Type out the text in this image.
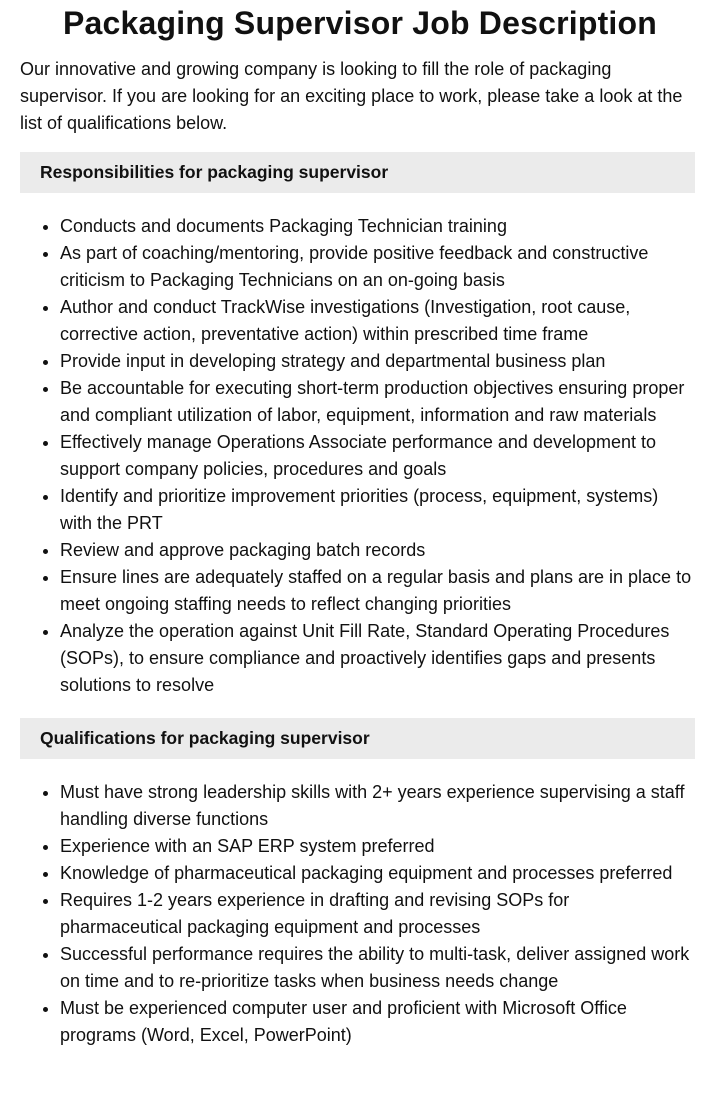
Packaging Supervisor Job Description

Our innovative and growing company is looking to fill the role of packaging supervisor. If you are looking for an exciting place to work, please take a look at the list of qualifications below.

Responsibilities for packaging supervisor
• Conducts and documents Packaging Technician training
• As part of coaching/mentoring, provide positive feedback and constructive criticism to Packaging Technicians on an on-going basis
• Author and conduct TrackWise investigations (Investigation, root cause, corrective action, preventative action) within prescribed time frame
• Provide input in developing strategy and departmental business plan
• Be accountable for executing short-term production objectives ensuring proper and compliant utilization of labor, equipment, information and raw materials
• Effectively manage Operations Associate performance and development to support company policies, procedures and goals
• Identify and prioritize improvement priorities (process, equipment, systems) with the PRT
• Review and approve packaging batch records
• Ensure lines are adequately staffed on a regular basis and plans are in place to meet ongoing staffing needs to reflect changing priorities
• Analyze the operation against Unit Fill Rate, Standard Operating Procedures (SOPs), to ensure compliance and proactively identifies gaps and presents solutions to resolve
Qualifications for packaging supervisor
• Must have strong leadership skills with 2+ years experience supervising a staff handling diverse functions
• Experience with an SAP ERP system preferred
• Knowledge of pharmaceutical packaging equipment and processes preferred
• Requires 1-2 years experience in drafting and revising SOPs for pharmaceutical packaging equipment and processes
• Successful performance requires the ability to multi-task, deliver assigned work on time and to re-prioritize tasks when business needs change
• Must be experienced computer user and proficient with Microsoft Office programs (Word, Excel, PowerPoint)
